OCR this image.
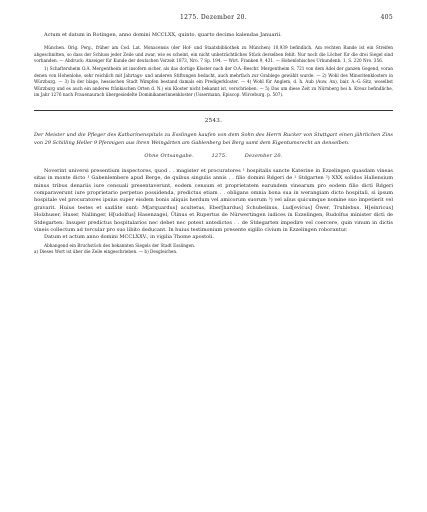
1275. Dezember 20.	405

Actum et datum in Rotingen, anno domini MCCLXX, quinto, quarto decimo kalendas Januarii.

München. Orig. Perg., früher am Cod. Lat. Monacensis (der Hof- und Staatsbibliothek zu München) 10,939 befindlich. Am rechten Rande ist ein Streifen abgeschnitten, so dass der Schluss jeder Zeile und zwar, wie es scheint, ein nicht unbeträchtliches Stück derselben fehlt. Nur noch die Löcher für die drei Siegel sind vorhanden. — Abdruck: Anzeiger für Kunde der deutschen Vorzeit 1873, Nro. 7 Sp. 194. — Wirt. Franken 9, 431. — Hohenlohisches Urkundenb. 1, S. 220 Nro. 356.

1) Schaftersheim O.A. Mergentheim ist insofern sicher, als das dortige Kloster nach der O.A.-Beschr. Mergentheim S. 721 von dem Adel der ganzen Gegend, voran denen von Hohenlohe, sehr reichlich mit Jahrtags- und anderen Stiftungen bedacht, auch mehrfach zur Grablege gewählt wurde. — 2) Wohl des Minoritenklosters in Würzburg. — 3) In der blage, hessischen Stadt Wimpfen bestand damals ein Predigerkloster. — 4) Wohl für Anglem, d. h. Aub (Auw, An), bair. A.-G.-Sitz, woselbst Würzburg und es auch ein anderes fränkischen Orten d. N.) ein Kloster nicht bekannt ist, verschrieben. — 5) Das um diese Zeit zu Nürnberg bei h. Kreuz befindliche, im Jahr 1276 nach Frauenaurach übergesiedelte Dominikanerinnenkloster (Ussermann, Episcop. Wirceburg. p. 507).

2543.

Der Meister und die Pfleger des Katharinenspitals zu Esslingen kaufen von dem Sohn des Herrn Rucker von Stuttgart einen jährlichen Zins von 29 Schilling Heller 9 Pfennigen aus ihren Weingärten am Gablenberg bei Berg samt dem Eigentumsrecht an denselben.

Ohne Ortsangabe.	1275.	Dezember 20.

Noverint universi presentium inspectores, quod . . magister et procuratores ¹ hospitalis sancte Katerine in Ezzelingen quasdam vineas sitas in monte dicto ¹ Gabenlembere apud Berge, de quibus singulis annis . . filio domini Rdgeri de ¹ Stdgarten ²) XXX solidos Hallensium minus tribus denariis iure censuali presentaverunt, eodem censum et proprietatem earundem vinearum pro eodem filio dicti Rdgeri comparaverunt iure proprietario perpetuo possidenda, predictus etiam . . obligans omnia bona sua in werangiam dicto hospitali, si ipsum hospitale vel procuratores ipsius super eisdem bonis aliquis herdum vel amicorum suorum ³) vel alius quicumque nomine suo impetierit vel gravarit. Huius testes et sazlâte sunt: M[arquardus] acultetus, Eber[hardus] Schubelinus, Lud[evicus] Öwer, Truhlebus, H[einricus] Holzhuser, Huser, Nallinger, H[udolfus] Hasenzagel, Ülinus et Rupertus de Nürwertingen iudices in Ezzelingen, Rudolfus minister dicti de Stdegarten. Insuper predictus hospitalarios nec debet nec potest antedictos . . de Stdegarten impedire vel coercere, quin vinum in dictis vineis collectum ad torcular pro suo libito deducant. In huius testimonium presente sigillo civium in Ezzelingen roborantur.

Datum et actum anno domini MCCLXXV., in vigilia Thome apostoli.

Abhangend ein Bruchstück des bekannten Siegels der Stadt Esslingen.

a) Dieses Wort ist über die Zeile eingeschrieben. — b) Desgleichen.
